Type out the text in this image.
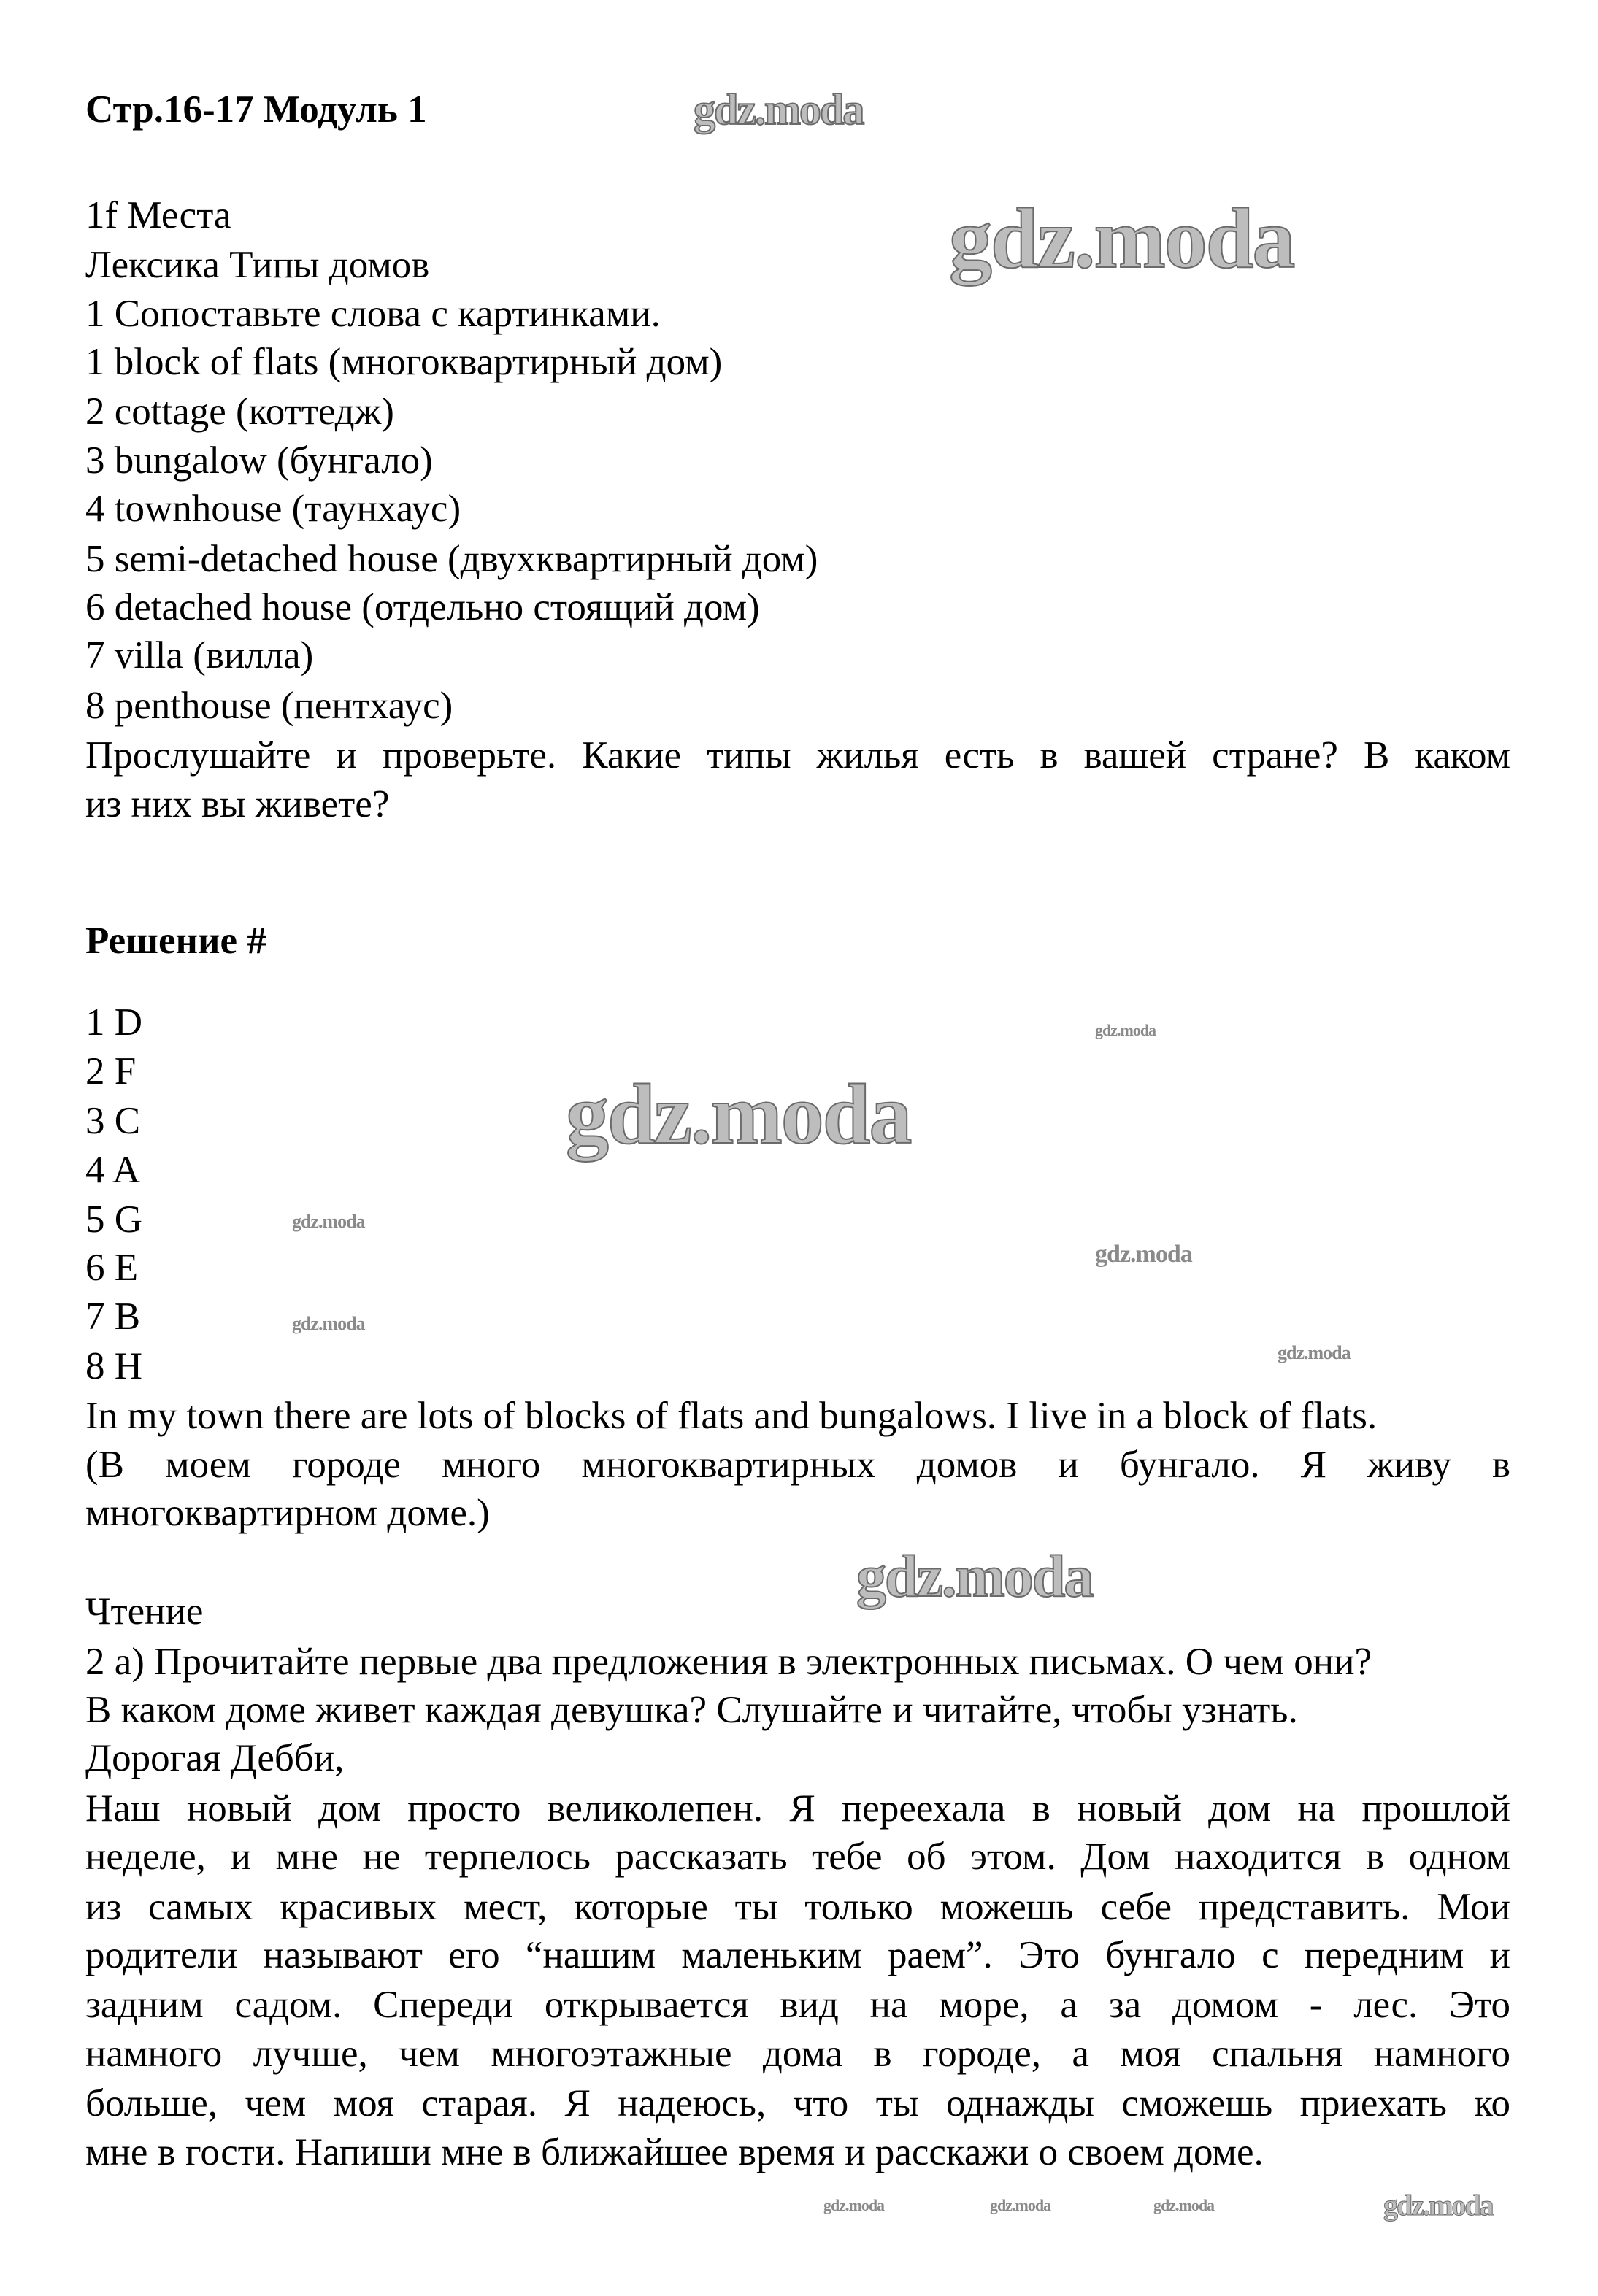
Стр.16-17 Модуль 1
1f Места
Лексика Типы домов
1 Сопоставьте слова с картинками.
1 block of flats (многоквартирный дом)
2 cottage (коттедж)
3 bungalow (бунгало)
4 townhouse (таунхаус)
5 semi-detached house (двухквартирный дом)
6 detached house (отдельно стоящий дом)
7 villa (вилла)
8 penthouse (пентхаус)
Прослушайте и проверьте. Какие типы жилья есть в вашей стране? В каком
из них вы живете?
Решение #
1 D
2 F
3 C
4 A
5 G
6 E
7 B
8 H
In my town there are lots of blocks of flats and bungalows. I live in a block of flats.
(В моем городе много многоквартирных домов и бунгало. Я живу в
многоквартирном доме.)
Чтение
2 а) Прочитайте первые два предложения в электронных письмах. О чем они?
В каком доме живет каждая девушка? Слушайте и читайте, чтобы узнать.
Дорогая Дебби,
Наш новый дом просто великолепен. Я переехала в новый дом на прошлой
неделе, и мне не терпелось рассказать тебе об этом. Дом находится в одном
из самых красивых мест, которые ты только можешь себе представить. Мои
родители называют его “нашим маленьким раем”. Это бунгало с передним и
задним садом. Спереди открывается вид на море, а за домом - лес. Это
намного лучше, чем многоэтажные дома в городе, а моя спальня намного
больше, чем моя старая. Я надеюсь, что ты однажды сможешь приехать ко
мне в гости. Напиши мне в ближайшее время и расскажи о своем доме.
gdz.moda
gdz.moda
gdz.moda
gdz.moda
gdz.moda
gdz.moda
gdz.moda
gdz.moda
gdz.moda
gdz.moda	gdz.moda	gdz.moda	gdz.moda
